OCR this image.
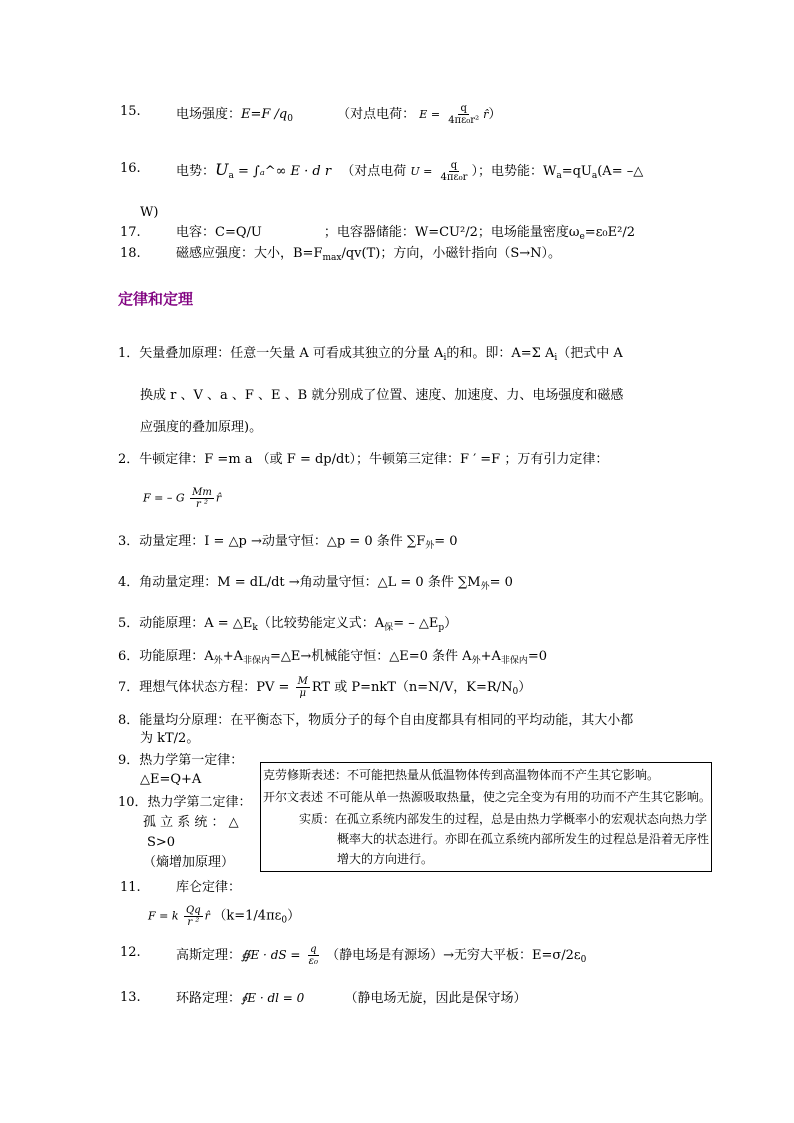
15.	电场强度：E=F $/q_0$	（对点电荷： $E = \frac{q}{\text{4πε₀r²}}$ r̂）
16.	电势：$U_a$ = ∫ₐ^∞ E · d r （对点电荷 $U = \frac{q}{\text{4πε₀r}}$ ）；电势能：$W_a=qU_a(A=$ –△
W)
17.	电容：C=Q/U	；电容器储能：W=CU²/2；电场能量密度$\omega_e=\varepsilon_0E^2/2$
18.	磁感应强度：大小，$B=F_{max}/qv(T)$；方向，小磁针指向（S→N）。
定律和定理
1．矢量叠加原理：任意一矢量 A 可看成其独立的分量 $A_i$的和。即：A=Σ $A_i$（把式中 A
换成 r 、V 、a 、F 、E 、B 就分别成了位置、速度、加速度、力、电场强度和磁感
应强度的叠加原理)。
2．牛顿定律：F =m a （或 F = dp/dt）；牛顿第三定律：F ′ =F ；万有引力定律：
F = – G $\frac{Mm}{\text{r ²}}$ r̂
3．动量定理：I = △p →动量守恒：△p = 0 条件 $\sum F_外= 0$
4．角动量定理：M = dL/dt →角动量守恒：△L = 0 条件 $\sum M_外= 0$
5．动能原理：$A = \triangle E_k$（比较势能定义式：$A_保=$ – $\triangle E_p$）
6．功能原理：$A_外+A_{非保内}=\triangle E\to$机械能守恒：△E=0 条件 $A_外+A_{非保内}=0$
7．理想气体状态方程：PV = $\frac{M}{\mu}$ RT 或 P=nkT（n=N/V，$K=R/N_0$）
8．能量均分原理：在平衡态下，物质分子的每个自由度都具有相同的平均动能，其大小都
为 kT/2。
9．热力学第一定律：
△E=Q+A
10．热力学第二定律：
孤 立 系 统 ： △
S>0
（熵增加原理）
克劳修斯表述：不可能把热量从低温物体传到高温物体而不产生其它影响。
开尔文表述 不可能从单一热源吸取热量，使之完全变为有用的功而不产生其它影响。
实质：在孤立系统内部发生的过程，总是由热力学概率小的宏观状态向热力学
概率大的状态进行。亦即在孤立系统内部所发生的过程总是沿着无序性
增大的方向进行。
11.	库仑定律：
F = k $\frac{Qq}{\text{r ²}}$ r̂ $(k=1/4\pi\varepsilon_0)$
12.	高斯定理：∯E · dS = $\frac{q}{\text{ε₀}}$ （静电场是有源场）→无穷大平板：$E=\sigma/2\varepsilon_0$
13.	环路定理：∮E · dl = 0	（静电场无旋，因此是保守场）
